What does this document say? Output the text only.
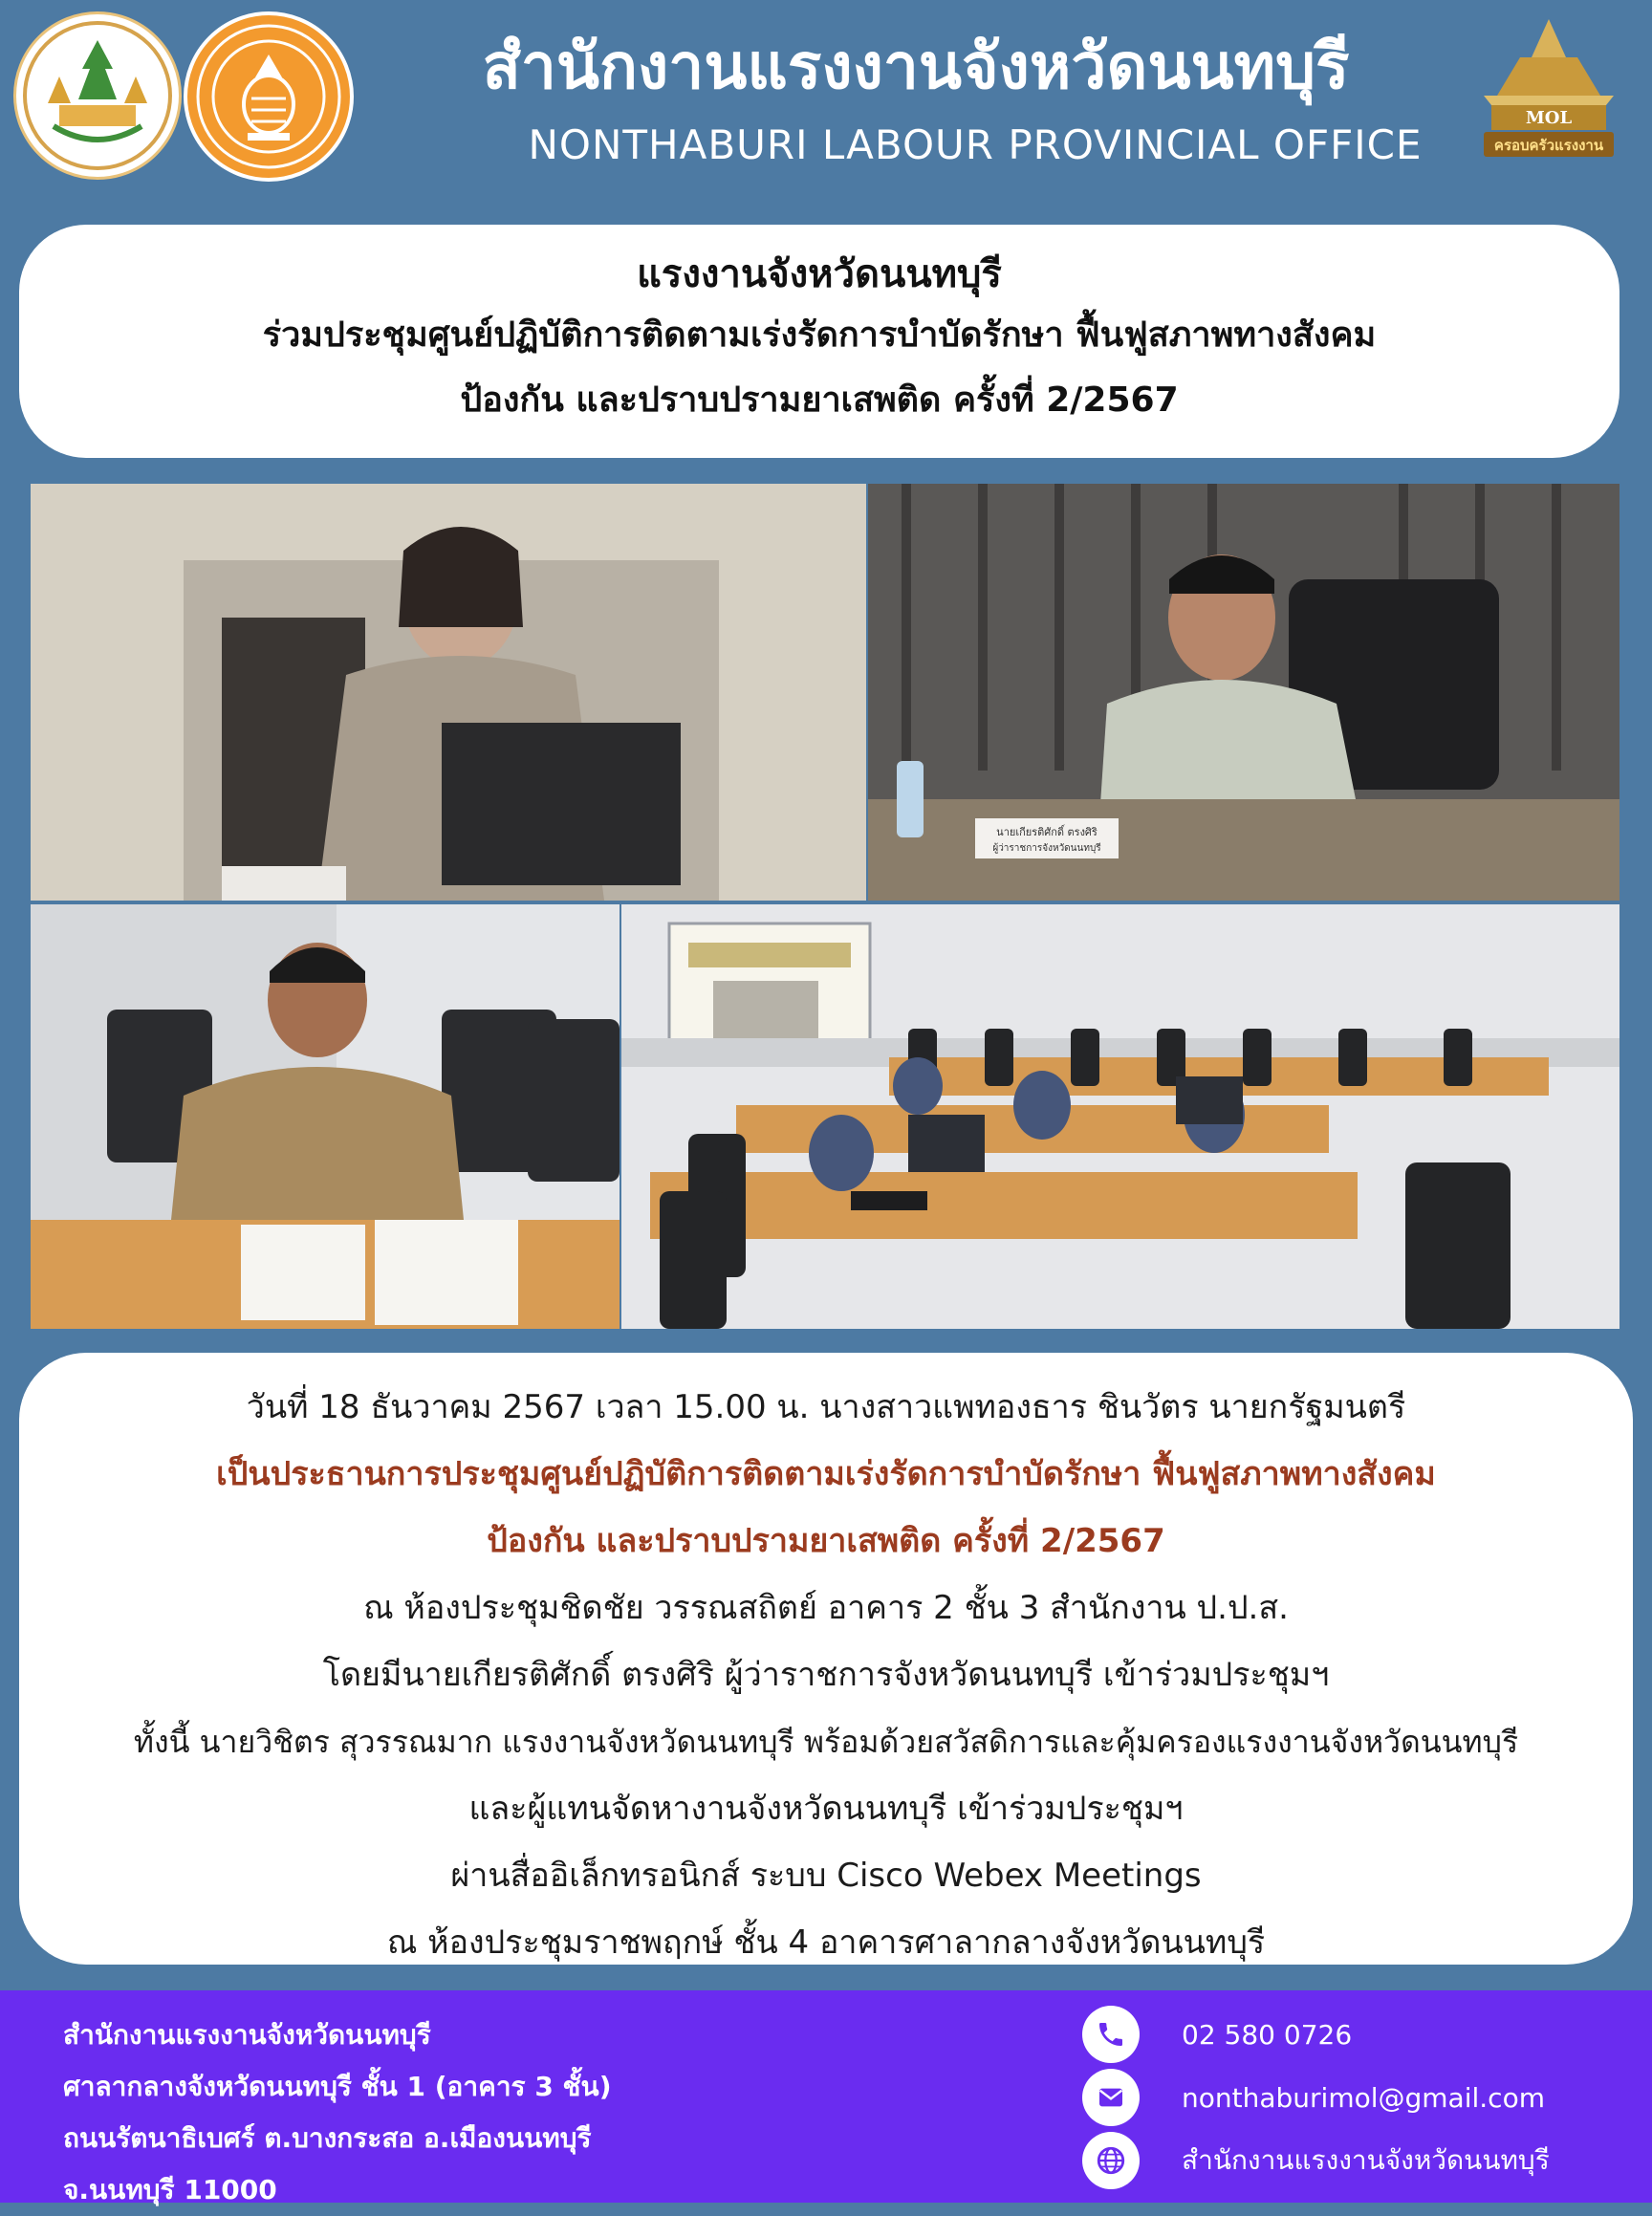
สำนักงานแรงงานจังหวัดนนทบุรี
NONTHABURI LABOUR PROVINCIAL OFFICE
MOL
ครอบครัวแรงงาน
แรงงานจังหวัดนนทบุรี
ร่วมประชุมศูนย์ปฏิบัติการติดตามเร่งรัดการบำบัดรักษา ฟื้นฟูสภาพทางสังคม
ป้องกัน และปราบปรามยาเสพติด ครั้งที่ 2/2567
นายเกียรติศักดิ์ ตรงศิริ
ผู้ว่าราชการจังหวัดนนทบุรี
วันที่ 18 ธันวาคม 2567 เวลา 15.00 น. นางสาวแพทองธาร ชินวัตร นายกรัฐมนตรี
เป็นประธานการประชุมศูนย์ปฏิบัติการติดตามเร่งรัดการบำบัดรักษา ฟื้นฟูสภาพทางสังคม
ป้องกัน และปราบปรามยาเสพติด ครั้งที่ 2/2567
ณ ห้องประชุมชิดชัย วรรณสถิตย์ อาคาร 2 ชั้น 3 สำนักงาน ป.ป.ส.
โดยมีนายเกียรติศักดิ์ ตรงศิริ ผู้ว่าราชการจังหวัดนนทบุรี เข้าร่วมประชุมฯ
ทั้งนี้ นายวิชิตร สุวรรณมาก แรงงานจังหวัดนนทบุรี พร้อมด้วยสวัสดิการและคุ้มครองแรงงานจังหวัดนนทบุรี
และผู้แทนจัดหางานจังหวัดนนทบุรี เข้าร่วมประชุมฯ
ผ่านสื่ออิเล็กทรอนิกส์ ระบบ Cisco Webex Meetings
ณ ห้องประชุมราชพฤกษ์ ชั้น 4 อาคารศาลากลางจังหวัดนนทบุรี
สำนักงานแรงงานจังหวัดนนทบุรี
ศาลากลางจังหวัดนนทบุรี ชั้น 1 (อาคาร 3 ชั้น)
ถนนรัตนาธิเบศร์ ต.บางกระสอ อ.เมืองนนทบุรี
จ.นนทบุรี 11000
02 580 0726
nonthaburimol@gmail.com
สำนักงานแรงงานจังหวัดนนทบุรี
